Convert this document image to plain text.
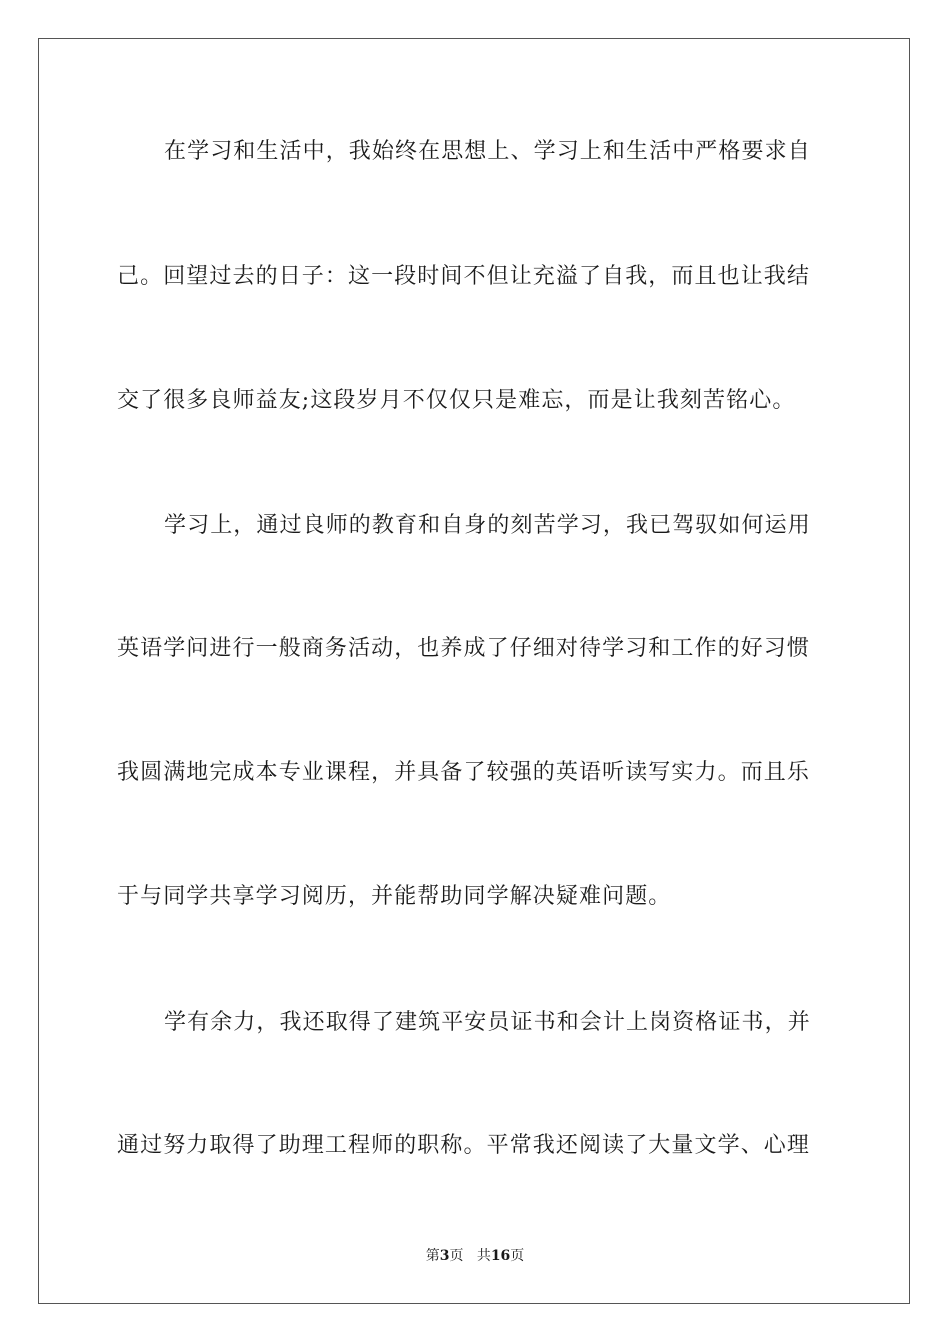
在学习和生活中，我始终在思想上、学习上和生活中严格要求自
己。回望过去的日子：这一段时间不但让充溢了自我，而且也让我结
交了很多良师益友;这段岁月不仅仅只是难忘，而是让我刻苦铭心。
学习上，通过良师的教育和自身的刻苦学习，我已驾驭如何运用
英语学问进行一般商务活动，也养成了仔细对待学习和工作的好习惯
我圆满地完成本专业课程，并具备了较强的英语听读写实力。而且乐
于与同学共享学习阅历，并能帮助同学解决疑难问题。
学有余力，我还取得了建筑平安员证书和会计上岗资格证书，并
通过努力取得了助理工程师的职称。平常我还阅读了大量文学、心理
第3页 共16页
